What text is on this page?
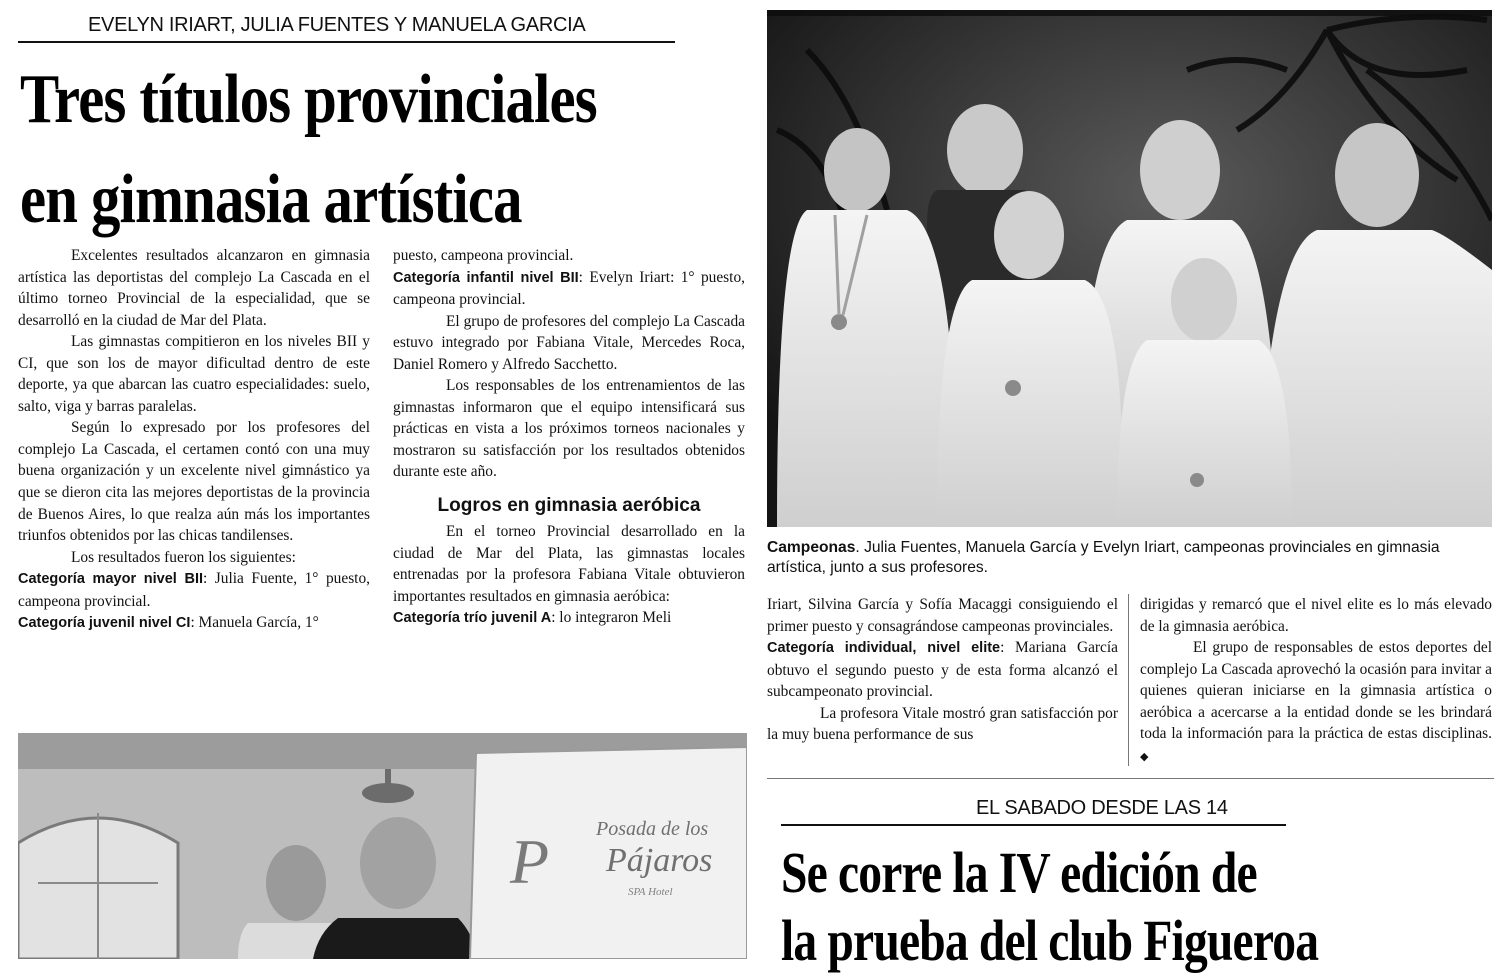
EVELYN IRIART, JULIA FUENTES Y MANUELA GARCIA
Tres títulos provinciales
en gimnasia artística

Excelentes resultados alcanzaron en gimnasia artística las deportistas del complejo La Cascada en el último torneo Provincial de la especialidad, que se desarrolló en la ciudad de Mar del Plata.

Las gimnastas compitieron en los niveles BII y CI, que son los de mayor dificultad dentro de este deporte, ya que abarcan las cuatro especialidades: suelo, salto, viga y barras paralelas.

Según lo expresado por los profesores del complejo La Cascada, el certamen contó con una muy buena organización y un excelente nivel gimnástico ya que se dieron cita las mejores deportistas de la provincia de Buenos Aires, lo que realza aún más los importantes triunfos obtenidos por las chicas tandilenses.

Los resultados fueron los siguientes:

Categoría mayor nivel BII: Julia Fuente, 1° puesto, campeona provincial.

Categoría juvenil nivel CI: Manuela García, 1°

puesto, campeona provincial.

Categoría infantil nivel BII: Evelyn Iriart: 1° puesto, campeona provincial.

El grupo de profesores del complejo La Cascada estuvo integrado por Fabiana Vitale, Mercedes Roca, Daniel Romero y Alfredo Sacchetto.

Los responsables de los entrenamientos de las gimnastas informaron que el equipo intensificará sus prácticas en vista a los próximos torneos nacionales y mostraron su satisfacción por los resultados obtenidos durante este año.

Logros en gimnasia aeróbica

En el torneo Provincial desarrollado en la ciudad de Mar del Plata, las gimnastas locales entrenadas por la profesora Fabiana Vitale obtuvieron importantes resultados en gimnasia aeróbica:

Categoría trío juvenil A: lo integraron Meli

Campeonas. Julia Fuentes, Manuela García y Evelyn Iriart, campeonas provinciales en gimnasia artística, junto a sus profesores.

Iriart, Silvina García y Sofía Macaggi consiguiendo el primer puesto y consagrándose campeonas provinciales.

Categoría individual, nivel elite: Mariana García obtuvo el segundo puesto y de esta forma alcanzó el subcampeonato provincial.

La profesora Vitale mostró gran satisfacción por la muy buena performance de sus

dirigidas y remarcó que el nivel elite es lo más elevado de la gimnasia aeróbica.

El grupo de responsables de estos deportes del complejo La Cascada aprovechó la ocasión para invitar a quienes quieran iniciarse en la gimnasia artística o aeróbica a acercarse a la entidad donde se les brindará toda la información para la práctica de estas disciplinas. ◆

P Posada de los
Pájaros
SPA Hotel
EL SABADO DESDE LAS 14
Se corre la IV edición de
la prueba del club Figueroa
